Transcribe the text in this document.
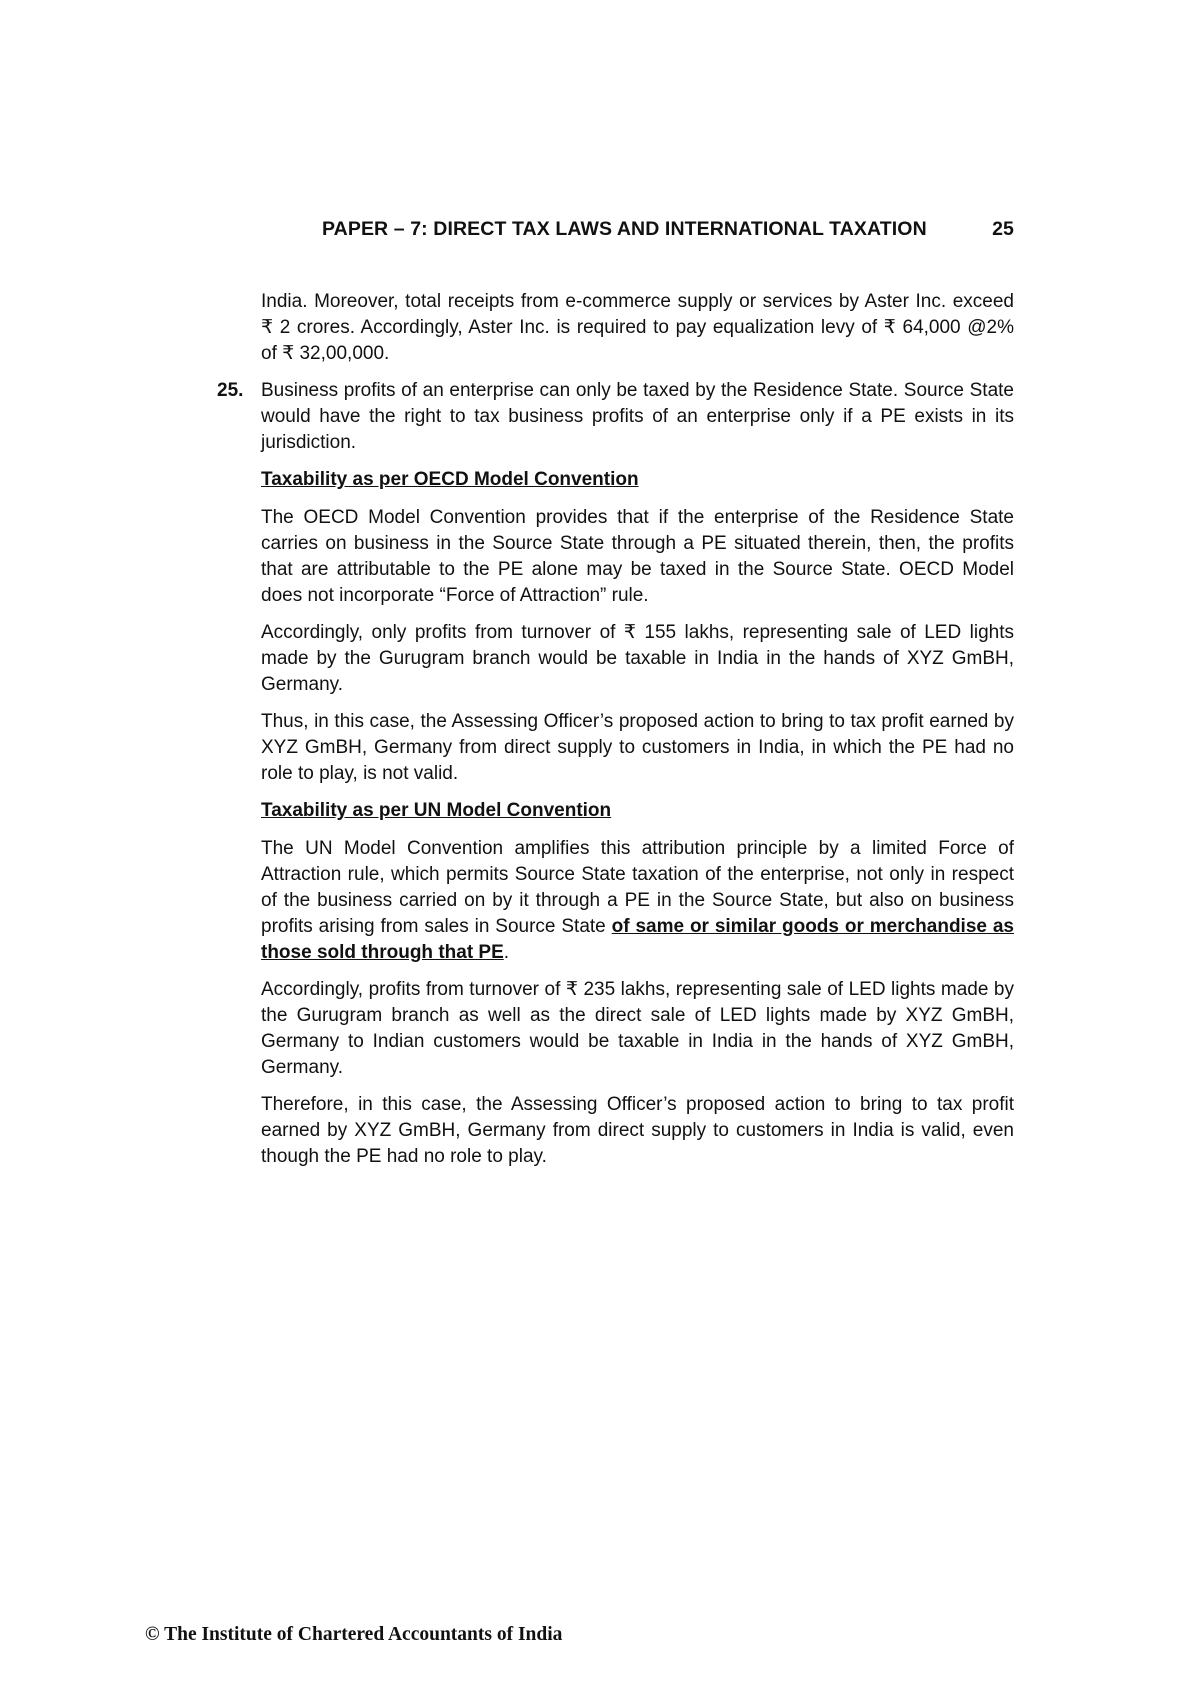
PAPER – 7: DIRECT TAX LAWS AND INTERNATIONAL TAXATION	25

India. Moreover, total receipts from e-commerce supply or services by Aster Inc. exceed ₹ 2 crores. Accordingly, Aster Inc. is required to pay equalization levy of ₹ 64,000 @2% of ₹ 32,00,000.

25. Business profits of an enterprise can only be taxed by the Residence State. Source State would have the right to tax business profits of an enterprise only if a PE exists in its jurisdiction.

Taxability as per OECD Model Convention

The OECD Model Convention provides that if the enterprise of the Residence State carries on business in the Source State through a PE situated therein, then, the profits that are attributable to the PE alone may be taxed in the Source State. OECD Model does not incorporate “Force of Attraction” rule.

Accordingly, only profits from turnover of ₹ 155 lakhs, representing sale of LED lights made by the Gurugram branch would be taxable in India in the hands of XYZ GmBH, Germany.

Thus, in this case, the Assessing Officer’s proposed action to bring to tax profit earned by XYZ GmBH, Germany from direct supply to customers in India, in which the PE had no role to play, is not valid.

Taxability as per UN Model Convention

The UN Model Convention amplifies this attribution principle by a limited Force of Attraction rule, which permits Source State taxation of the enterprise, not only in respect of the business carried on by it through a PE in the Source State, but also on business profits arising from sales in Source State of same or similar goods or merchandise as those sold through that PE.

Accordingly, profits from turnover of ₹ 235 lakhs, representing sale of LED lights made by the Gurugram branch as well as the direct sale of LED lights made by XYZ GmBH, Germany to Indian customers would be taxable in India in the hands of XYZ GmBH, Germany.

Therefore, in this case, the Assessing Officer’s proposed action to bring to tax profit earned by XYZ GmBH, Germany from direct supply to customers in India is valid, even though the PE had no role to play.

© The Institute of Chartered Accountants of India
